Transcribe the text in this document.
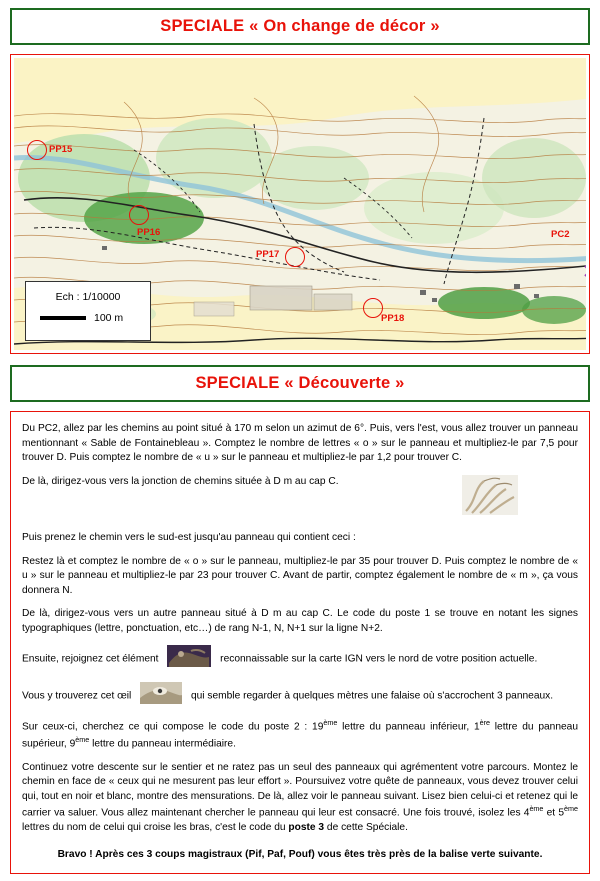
SPECIALE « On change de décor »
PP15
PP16
PP17
PP18
PC2
Ech : 1/10000
100 m
SPECIALE « Découverte »

Du PC2, allez par les chemins au point situé à 170 m selon un azimut de 6°. Puis, vers l'est, vous allez trouver un panneau mentionnant « Sable de Fontainebleau ». Comptez le nombre de lettres « o » sur le panneau et multipliez-le par 7,5 pour trouver D. Puis comptez le nombre de « u » sur le panneau et multipliez-le par 1,2 pour trouver C.

De là, dirigez-vous vers la jonction de chemins située à D m au cap C.

Puis prenez le chemin vers le sud-est jusqu'au panneau qui contient ceci :

Restez là et comptez le nombre de « o » sur le panneau, multipliez-le par 35 pour trouver D. Puis comptez le nombre de « u » sur le panneau et multipliez-le par 23 pour trouver C. Avant de partir, comptez également le nombre de « m », ça vous donnera N.

De là, dirigez-vous vers un autre panneau situé à D m au cap C. Le code du poste 1 se trouve en notant les signes typographiques (lettre, ponctuation, etc…) de rang N-1, N, N+1 sur la ligne N+2.

Ensuite, rejoignez cet élément	reconnaissable sur la carte IGN vers le nord de votre position actuelle.

Vous y trouverez cet œil	qui semble regarder à quelques mètres une falaise où s'accrochent 3 panneaux.

Sur ceux-ci, cherchez ce qui compose le code du poste 2 : 19ème lettre du panneau inférieur, 1ère lettre du panneau supérieur, 9ème lettre du panneau intermédiaire.

Continuez votre descente sur le sentier et ne ratez pas un seul des panneaux qui agrémentent votre parcours. Montez le chemin en face de « ceux qui ne mesurent pas leur effort ». Poursuivez votre quête de panneaux, vous devez trouver celui qui, tout en noir et blanc, montre des mensurations. De là, allez voir le panneau suivant. Lisez bien celui-ci et retenez qui le carrier va saluer. Vous allez maintenant chercher le panneau qui leur est consacré. Une fois trouvé, isolez les 4ème et 5ème lettres du nom de celui qui croise les bras, c'est le code du poste 3 de cette Spéciale.

Bravo ! Après ces 3 coups magistraux (Pif, Paf, Pouf) vous êtes très près de la balise verte suivante.
